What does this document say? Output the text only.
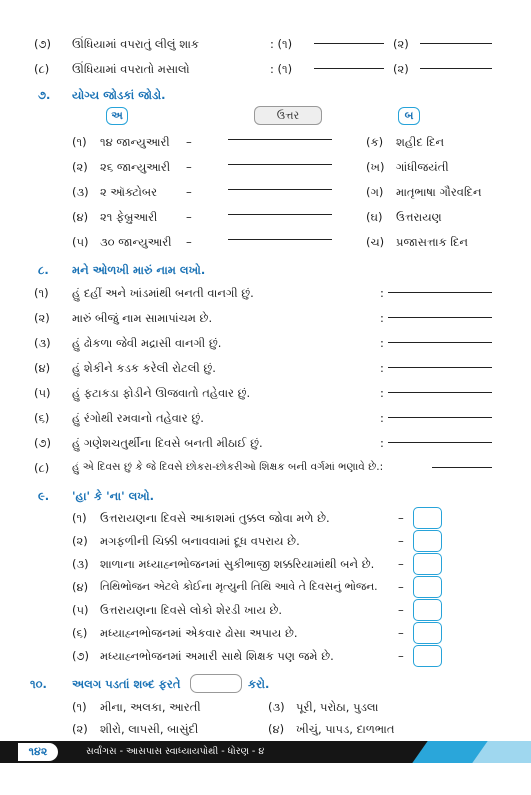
(૭) ઊંધિયામાં વપરાતું લીલું શાક	: (૧)	(૨)
(૮) ઊંધિયામાં વપરાતો મસાલો	: (૧)	(૨)
૭. યોગ્ય જોડકાં જોડો.
અ	ઉત્તર	બ
(૧) ૧૪ જાન્યુઆરી –	(ક) શહીદ દિન
(૨) ૨૬ જાન્યુઆરી –	(ખ) ગાંધીજયંતી
(૩) ૨ ઑક્ટોબર	–	(ગ) માતૃભાષા ગૌરવદિન
(૪) ૨૧ ફેબ્રુઆરી –	(ઘ) ઉત્તરાયણ
(૫) ૩૦ જાન્યુઆરી –	(ચ) પ્રજાસત્તાક દિન
૮. મને ઓળખી મારું નામ લખો.
(૧) હું દહીં અને ખાંડમાંથી બનતી વાનગી છું.	:
(૨) મારું બીજું નામ સામાપાંચમ છે.	:
(૩) હું ઢોકળા જેવી મદ્રાસી વાનગી છું.	:
(૪) હું શેકીને કડક કરેલી રોટલી છું.	:
(૫) હું ફટાકડા ફોડીને ઊજવાતો તહેવાર છું.	:
(૬) હું રંગોથી રમવાનો તહેવાર છું.	:
(૭) હું ગણેશચતુર્થીના દિવસે બનતી મીઠાઈ છું.	:
(૮) હું એ દિવસ છું કે જે દિવસે છોકરા-છોકરીઓ શિક્ષક બની વર્ગમાં ભણાવે છે.:
૯. 'હા' કે 'ના' લખો.
(૧) ઉત્તરાયણના દિવસે આકાશમાં તુક્કલ જોવા મળે છે.	–
(૨) મગફળીની ચિક્કી બનાવવામાં દૂધ વપરાય છે.	–
(૩) શાળાના મધ્યાહ્નભોજનમાં સુકીભાજી શક્કરિયામાંથી બને છે. –
(૪) તિથિભોજન એટલે કોઈના મૃત્યુની તિથિ આવે તે દિવસનું ભોજન. –
(૫) ઉત્તરાયણના દિવસે લોકો શેરડી ખાય છે.	–
(૬) મધ્યાહ્નભોજનમાં એકવાર ઢોસા અપાય છે.	–
(૭) મધ્યાહ્નભોજનમાં અમારી સાથે શિક્ષક પણ જમે છે.	–
૧૦. અલગ પડતાં શબ્દ ફરતે	કરો.
(૧) મીના, અલકા, આરતી	(૩) પૂરી, પરોઠા, પુડલા
(૨) શીરો, લાપસી, બાસુંદી	(૪) ખીચું, પાપડ, દાળભાત
૧૪૨	સર્વાંગસ - આસપાસ સ્વાધ્યાયપોથી - ધોરણ - ૪
